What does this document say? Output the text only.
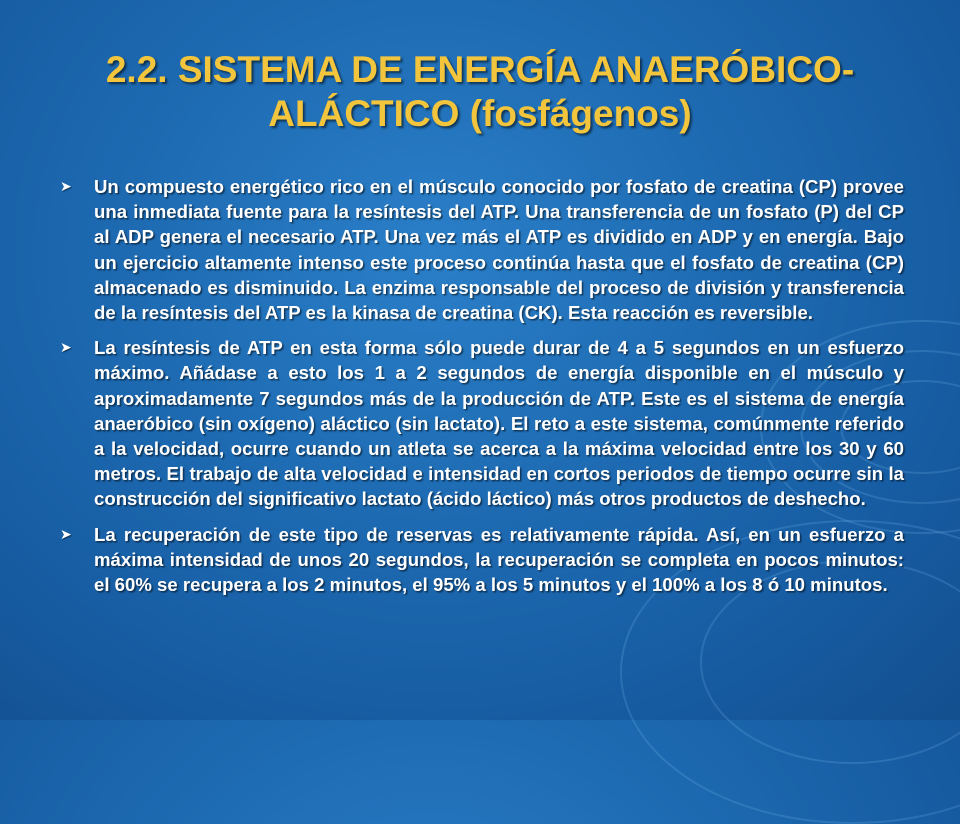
2.2. SISTEMA DE ENERGÍA ANAERÓBICO-ALÁCTICO (fosfágenos)
➤	Un compuesto energético rico en el músculo conocido por fosfato de creatina (CP) provee una inmediata fuente para la resíntesis del ATP. Una transferencia de un fosfato (P) del CP al ADP genera el necesario ATP. Una vez más el ATP es dividido en ADP y en energía. Bajo un ejercicio altamente intenso este proceso continúa hasta que el fosfato de creatina (CP) almacenado es disminuido. La enzima responsable del proceso de división y transferencia de la resíntesis del ATP es la kinasa de creatina (CK). Esta reacción es reversible.

➤	La resíntesis de ATP en esta forma sólo puede durar de 4 a 5 segundos en un esfuerzo máximo. Añádase a esto los 1 a 2 segundos de energía disponible en el músculo y aproximadamente 7 segundos más de la producción de ATP. Este es el sistema de energía anaeróbico (sin oxígeno) aláctico (sin lactato). El reto a este sistema, comúnmente referido a la velocidad, ocurre cuando un atleta se acerca a la máxima velocidad entre los 30 y 60 metros. El trabajo de alta velocidad e intensidad en cortos periodos de tiempo ocurre sin la construcción del significativo lactato (ácido láctico) más otros productos de deshecho.

➤	La recuperación de este tipo de reservas es relativamente rápida. Así, en un esfuerzo a máxima intensidad de unos 20 segundos, la recuperación se completa en pocos minutos: el 60% se recupera a los 2 minutos, el 95% a los 5 minutos y el 100% a los 8 ó 10 minutos.
